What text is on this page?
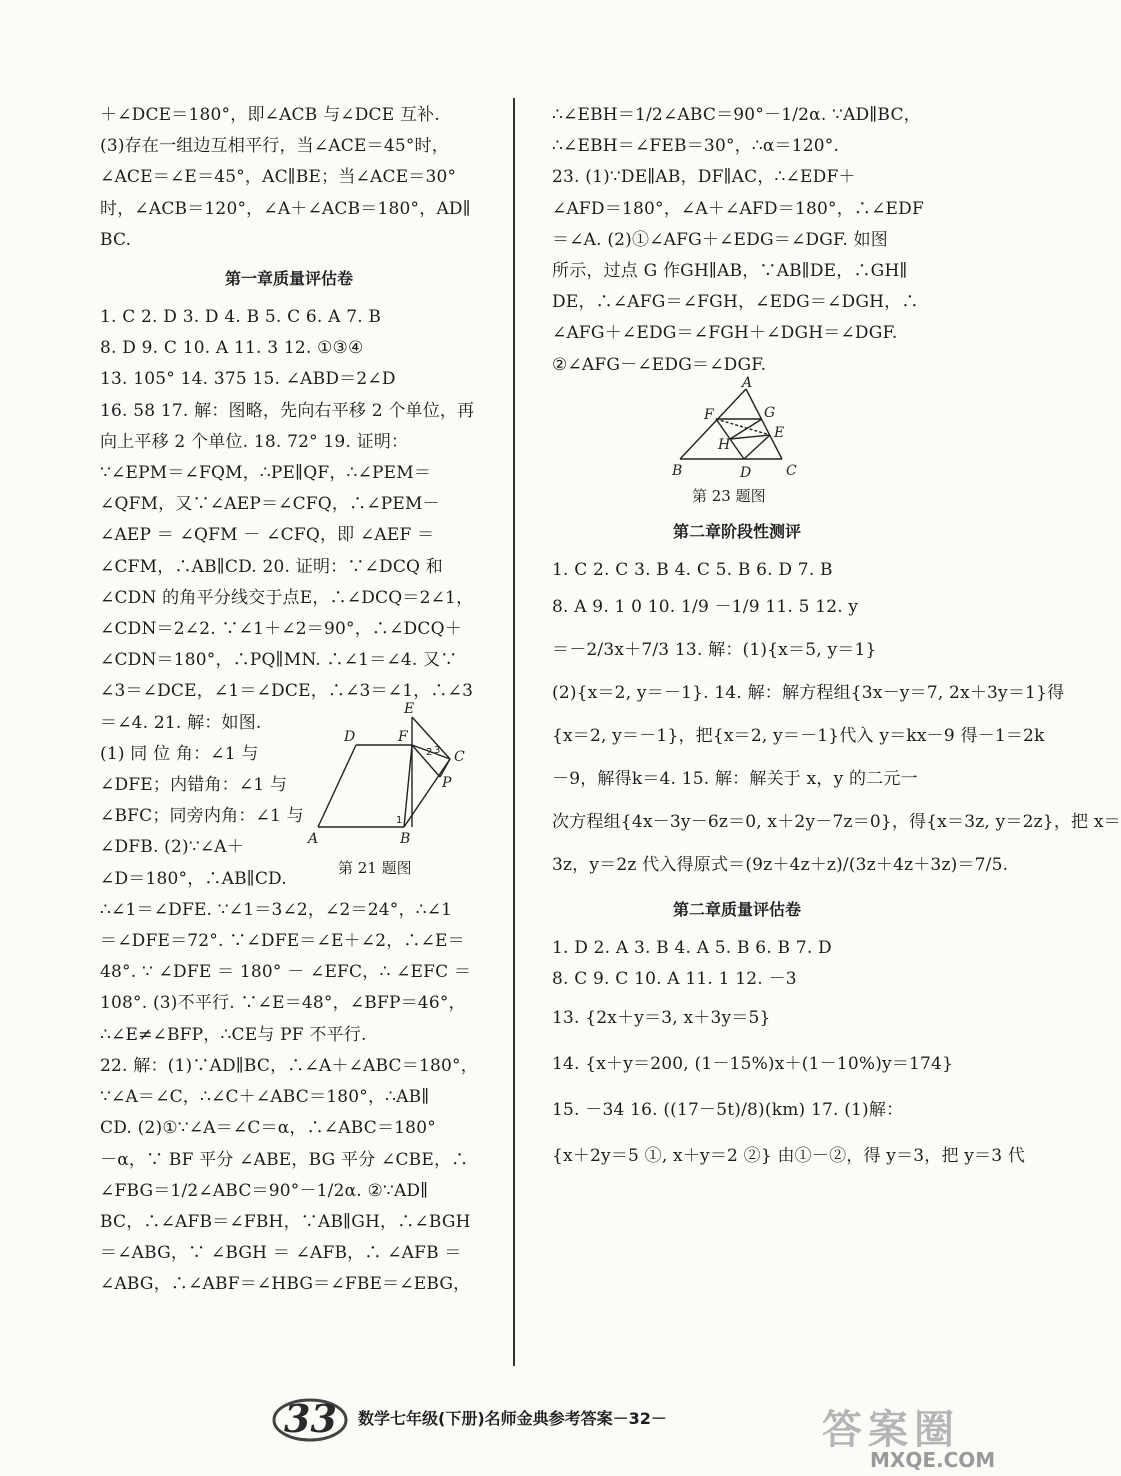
＋∠DCE＝180°，即∠ACB 与∠DCE 互补.
(3)存在一组边互相平行，当∠ACE＝45°时，
∠ACE＝∠E＝45°，AC∥BE；当∠ACE＝30°
时，∠ACB＝120°，∠A＋∠ACB＝180°，AD∥
BC.
第一章质量评估卷
1. C 2. D 3. D 4. B 5. C 6. A 7. B
8. D 9. C 10. A 11. 3 12. ①③④
13. 105° 14. 375 15. ∠ABD＝2∠D
16. 58 17. 解：图略，先向右平移 2 个单位，再
向上平移 2 个单位. 18. 72° 19. 证明：
∵∠EPM＝∠FQM，∴PE∥QF，∴∠PEM＝
∠QFM，又∵∠AEP＝∠CFQ，∴∠PEM－
∠AEP ＝ ∠QFM － ∠CFQ，即 ∠AEF ＝
∠CFM，∴AB∥CD. 20. 证明：∵∠DCQ 和
∠CDN 的角平分线交于点E，∴∠DCQ＝2∠1，
∠CDN＝2∠2. ∵∠1＋∠2＝90°，∴∠DCQ＋
∠CDN＝180°，∴PQ∥MN. ∴∠1＝∠4. 又∵
∠3＝∠DCE，∠1＝∠DCE，∴∠3＝∠1，∴∠3
＝∠4. 21. 解：如图.
(1) 同 位 角：∠1 与
∠DFE；内错角：∠1 与
∠BFC；同旁内角：∠1 与
∠DFB. (2)∵∠A＋
∠D＝180°，∴AB∥CD.
D	F
E
C
P
A	B
1
2 3
第 21 题图
∴∠1＝∠DFE. ∵∠1＝3∠2，∠2＝24°，∴∠1
＝∠DFE＝72°. ∵∠DFE＝∠E＋∠2，∴∠E＝
48°. ∵ ∠DFE ＝ 180° － ∠EFC，∴ ∠EFC ＝
108°. (3)不平行. ∵∠E＝48°，∠BFP＝46°，
∴∠E≠∠BFP，∴CE与 PF 不平行.
22. 解：(1)∵AD∥BC，∴∠A＋∠ABC＝180°，
∵∠A＝∠C，∴∠C＋∠ABC＝180°，∴AB∥
CD. (2)①∵∠A＝∠C＝α，∴∠ABC＝180°
－α，∵ BF 平分 ∠ABE，BG 平分 ∠CBE，∴
∠FBG＝1/2∠ABC＝90°－1/2α. ②∵AD∥
BC，∴∠AFB＝∠FBH，∵AB∥GH，∴∠BGH
＝∠ABG，∵ ∠BGH ＝ ∠AFB，∴ ∠AFB ＝
∠ABG，∴∠ABF＝∠HBG＝∠FBE＝∠EBG，
∴∠EBH＝1/2∠ABC＝90°－1/2α. ∵AD∥BC，
∴∠EBH＝∠FEB＝30°，∴α＝120°.
23. (1)∵DE∥AB，DF∥AC，∴∠EDF＋
∠AFD＝180°，∠A＋∠AFD＝180°，∴∠EDF
＝∠A. (2)①∠AFG＋∠EDG＝∠DGF. 如图
所示，过点 G 作GH∥AB，∵AB∥DE，∴GH∥
DE，∴∠AFG＝∠FGH，∠EDG＝∠DGH，∴
∠AFG＋∠EDG＝∠FGH＋∠DGH＝∠DGF.
②∠AFG－∠EDG＝∠DGF.
A
G
F
E
H
B	D C
第 23 题图
第二章阶段性测评
1. C 2. C 3. B 4. C 5. B 6. D 7. B
8. A 9. 1 0 10. 1/9 －1/9 11. 5 12. y
＝－2/3x＋7/3 13. 解：(1){x＝5, y＝1}
(2){x＝2, y＝－1}. 14. 解：解方程组{3x－y＝7, 2x＋3y＝1}得
{x＝2, y＝－1}，把{x＝2, y＝－1}代入 y＝kx－9 得－1＝2k
－9，解得k＝4. 15. 解：解关于 x，y 的二元一
次方程组{4x－3y－6z＝0, x＋2y－7z＝0}，得{x＝3z, y＝2z}，把 x＝
3z，y＝2z 代入得原式＝(9z＋4z＋z)/(3z＋4z＋3z)＝7/5.
第二章质量评估卷
1. D 2. A 3. B 4. A 5. B 6. B 7. D
8. C 9. C 10. A 11. 1 12. －3
13. {2x＋y＝3, x＋3y＝5}
14. {x＋y＝200, (1－15%)x＋(1－10%)y＝174}
15. －34 16. ((17－5t)/8)(km) 17. (1)解：
{x＋2y＝5 ①, x＋y＝2 ②} 由①－②，得 y＝3，把 y＝3 代
33 数学七年级(下册)名师金典参考答案－32－	答案圈
MXQE.COM
